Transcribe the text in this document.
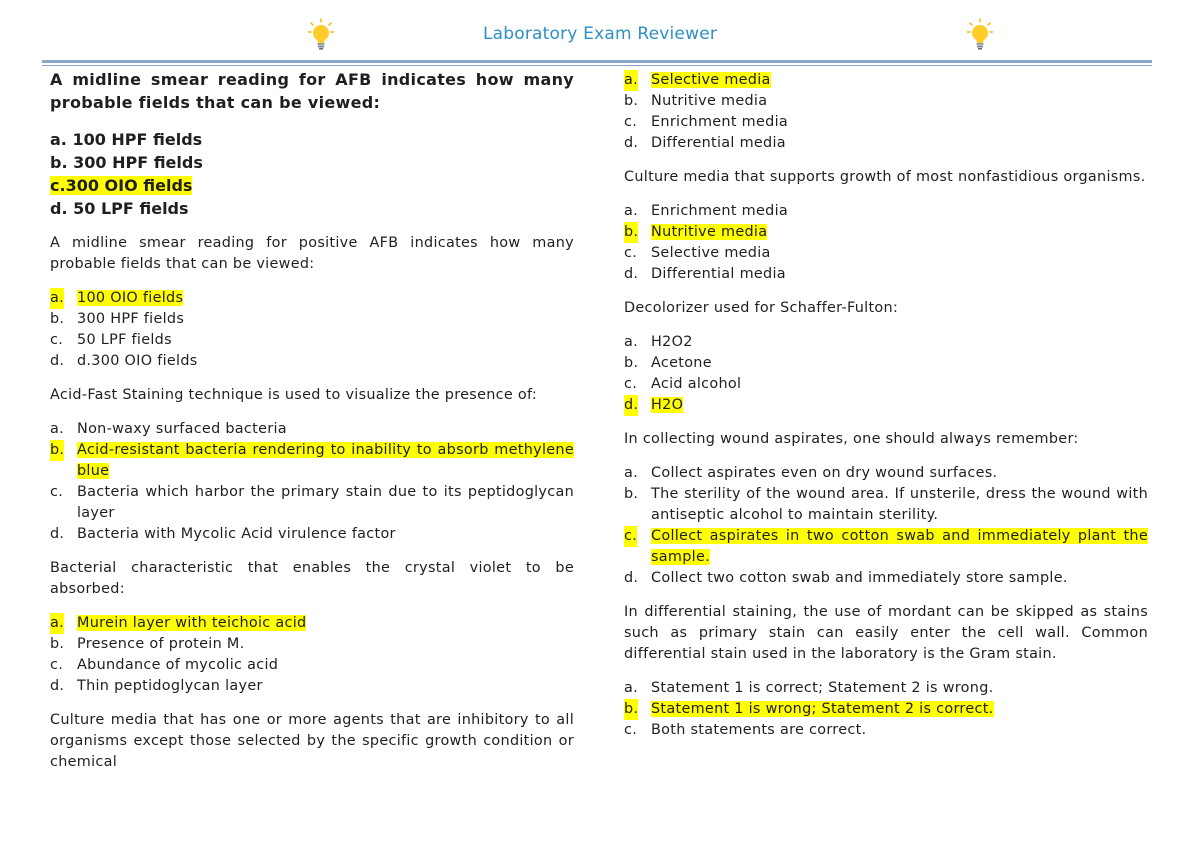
Laboratory Exam Reviewer

A midline smear reading for AFB indicates how many probable fields that can be viewed:

a. 100 HPF fields
b. 300 HPF fields
c.300 OIO fields
d. 50 LPF fields

A midline smear reading for positive AFB indicates how many probable fields that can be viewed:

a. 100 OIO fields
b. 300 HPF fields
c. 50 LPF fields
d. d.300 OIO fields

Acid-Fast Staining technique is used to visualize the presence of:

a. Non-waxy surfaced bacteria
b. Acid-resistant bacteria rendering to inability to absorb methylene blue
c. Bacteria which harbor the primary stain due to its peptidoglycan layer
d. Bacteria with Mycolic Acid virulence factor

Bacterial characteristic that enables the crystal violet to be absorbed:

a. Murein layer with teichoic acid
b. Presence of protein M.
c. Abundance of mycolic acid
d. Thin peptidoglycan layer

Culture media that has one or more agents that are inhibitory to all organisms except those selected by the specific growth condition or chemical

a. Selective media
b. Nutritive media
c. Enrichment media
d. Differential media

Culture media that supports growth of most nonfastidious organisms.

a. Enrichment media
b. Nutritive media
c. Selective media
d. Differential media

Decolorizer used for Schaffer-Fulton:

a. H2O2
b. Acetone
c. Acid alcohol
d. H2O

In collecting wound aspirates, one should always remember:

a. Collect aspirates even on dry wound surfaces.
b. The sterility of the wound area. If unsterile, dress the wound with antiseptic alcohol to maintain sterility.
c. Collect aspirates in two cotton swab and immediately plant the sample.
d. Collect two cotton swab and immediately store sample.

In differential staining, the use of mordant can be skipped as stains such as primary stain can easily enter the cell wall. Common differential stain used in the laboratory is the Gram stain.

a. Statement 1 is correct; Statement 2 is wrong.
b. Statement 1 is wrong; Statement 2 is correct.
c. Both statements are correct.
